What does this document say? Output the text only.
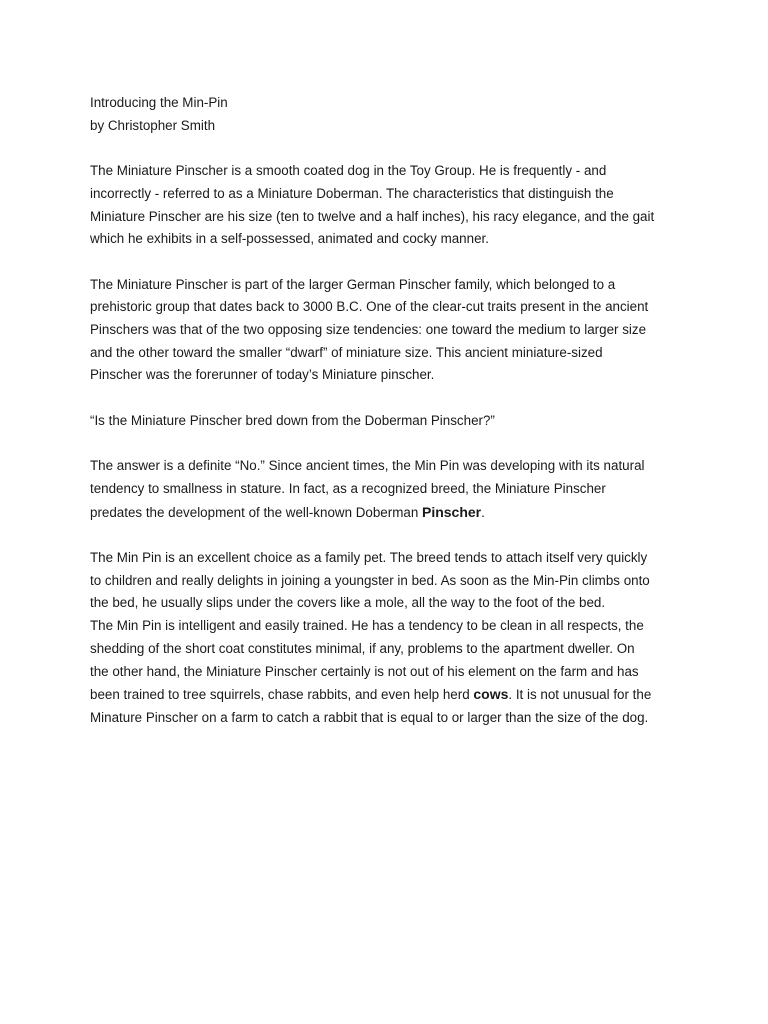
Introducing the Min-Pin
by Christopher Smith
The Miniature Pinscher is a smooth coated dog in the Toy Group. He is frequently - and
incorrectly - referred to as a Miniature Doberman. The characteristics that distinguish the
Miniature Pinscher are his size (ten to twelve and a half inches), his racy elegance, and the gait
which he exhibits in a self-possessed, animated and cocky manner.
The Miniature Pinscher is part of the larger German Pinscher family, which belonged to a
prehistoric group that dates back to 3000 B.C. One of the clear-cut traits present in the ancient
Pinschers was that of the two opposing size tendencies: one toward the medium to larger size
and the other toward the smaller “dwarf” of miniature size. This ancient miniature-sized
Pinscher was the forerunner of today’s Miniature pinscher.
“Is the Miniature Pinscher bred down from the Doberman Pinscher?”
The answer is a definite “No.” Since ancient times, the Min Pin was developing with its natural
tendency to smallness in stature. In fact, as a recognized breed, the Miniature Pinscher
predates the development of the well-known Doberman Pinscher.
The Min Pin is an excellent choice as a family pet. The breed tends to attach itself very quickly
to children and really delights in joining a youngster in bed. As soon as the Min-Pin climbs onto
the bed, he usually slips under the covers like a mole, all the way to the foot of the bed.
The Min Pin is intelligent and easily trained. He has a tendency to be clean in all respects, the
shedding of the short coat constitutes minimal, if any, problems to the apartment dweller. On
the other hand, the Miniature Pinscher certainly is not out of his element on the farm and has
been trained to tree squirrels, chase rabbits, and even help herd cows. It is not unusual for the
Minature Pinscher on a farm to catch a rabbit that is equal to or larger than the size of the dog.
